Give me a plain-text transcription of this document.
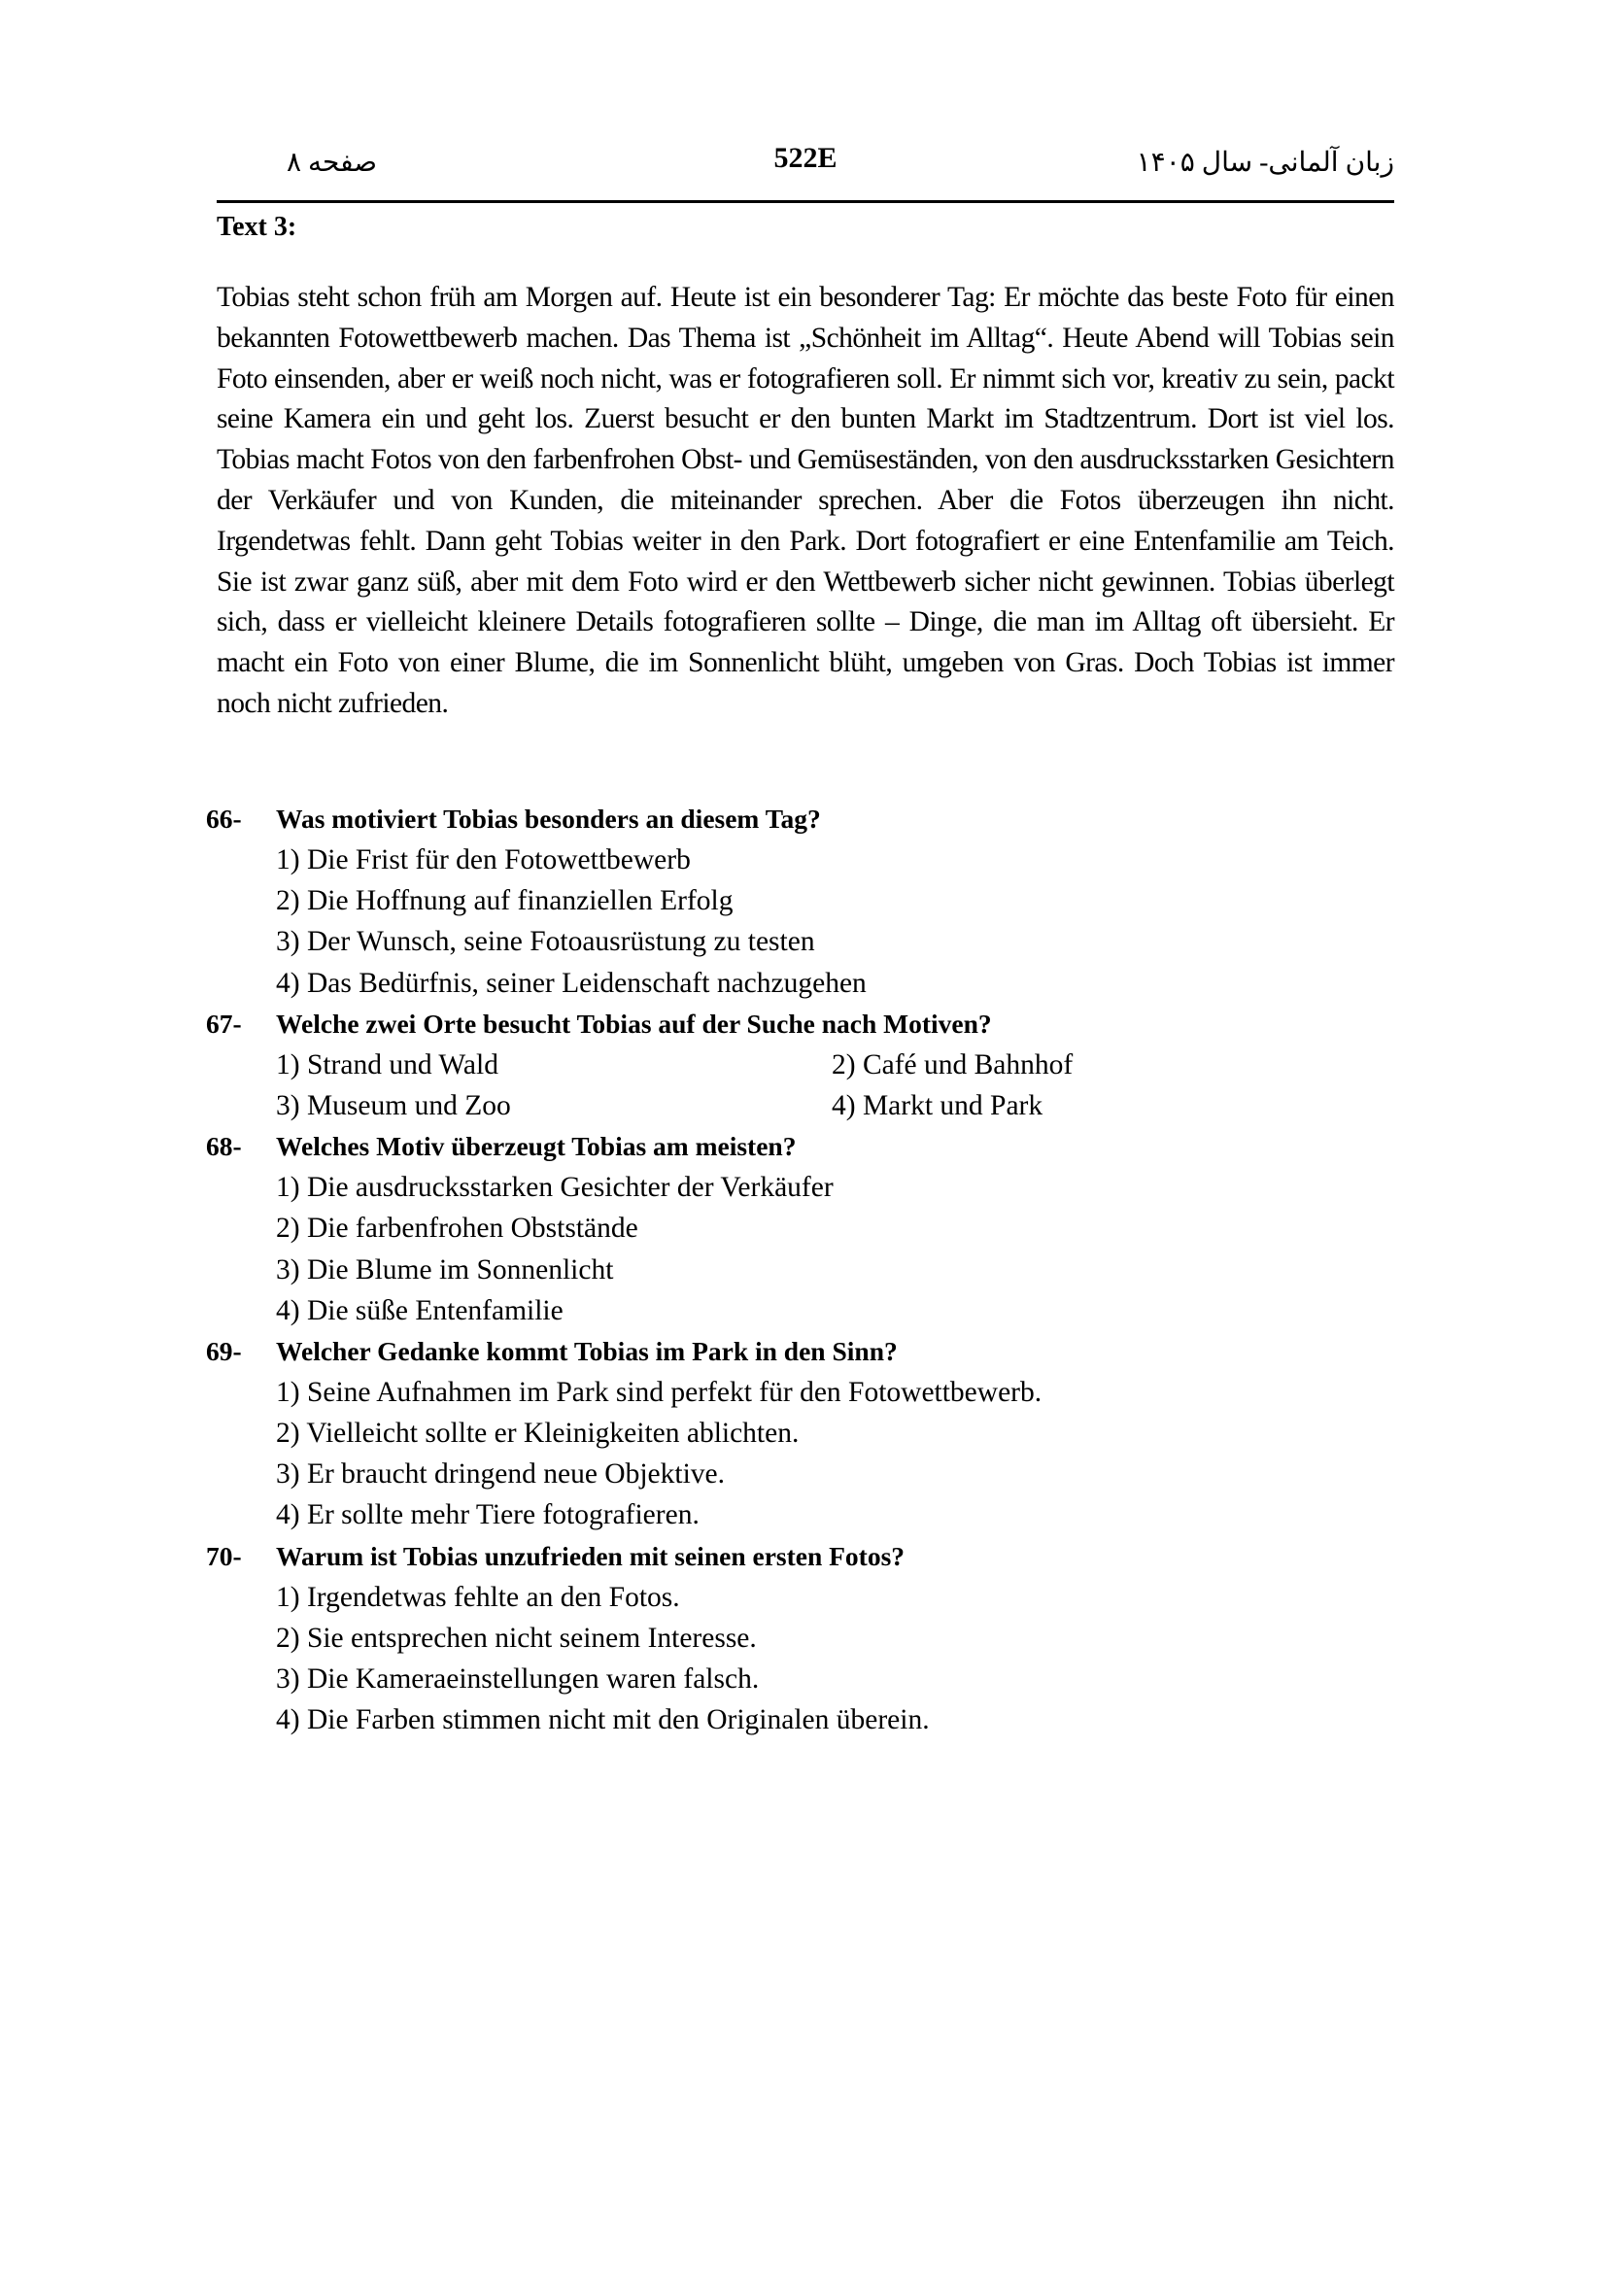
صفحه ۸	522E	زبان آلمانی- سال ۱۴۰۵
Text 3:
Tobias steht schon früh am Morgen auf. Heute ist ein besonderer Tag: Er möchte das beste Foto für einen bekannten Fotowettbewerb machen. Das Thema ist „Schönheit im Alltag“. Heute Abend will Tobias sein Foto einsenden, aber er weiß noch nicht, was er fotografieren soll. Er nimmt sich vor, kreativ zu sein, packt seine Kamera ein und geht los. Zuerst besucht er den bunten Markt im Stadtzentrum. Dort ist viel los. Tobias macht Fotos von den farbenfrohen Obst- und Gemüseständen, von den ausdrucksstarken Gesichtern der Verkäufer und von Kunden, die miteinander sprechen. Aber die Fotos überzeugen ihn nicht. Irgendetwas fehlt. Dann geht Tobias weiter in den Park. Dort fotografiert er eine Entenfamilie am Teich. Sie ist zwar ganz süß, aber mit dem Foto wird er den Wettbewerb sicher nicht gewinnen. Tobias überlegt sich, dass er vielleicht kleinere Details fotografieren sollte – Dinge, die man im Alltag oft übersieht. Er macht ein Foto von einer Blume, die im Sonnenlicht blüht, umgeben von Gras. Doch Tobias ist immer noch nicht zufrieden.
66-	Was motiviert Tobias besonders an diesem Tag?
1) Die Frist für den Fotowettbewerb
2) Die Hoffnung auf finanziellen Erfolg
3) Der Wunsch, seine Fotoausrüstung zu testen
4) Das Bedürfnis, seiner Leidenschaft nachzugehen
67-	Welche zwei Orte besucht Tobias auf der Suche nach Motiven?
1) Strand und Wald	2) Café und Bahnhof
3) Museum und Zoo	4) Markt und Park
68-	Welches Motiv überzeugt Tobias am meisten?
1) Die ausdrucksstarken Gesichter der Verkäufer
2) Die farbenfrohen Obststände
3) Die Blume im Sonnenlicht
4) Die süße Entenfamilie
69-	Welcher Gedanke kommt Tobias im Park in den Sinn?
1) Seine Aufnahmen im Park sind perfekt für den Fotowettbewerb.
2) Vielleicht sollte er Kleinigkeiten ablichten.
3) Er braucht dringend neue Objektive.
4) Er sollte mehr Tiere fotografieren.
70-	Warum ist Tobias unzufrieden mit seinen ersten Fotos?
1) Irgendetwas fehlte an den Fotos.
2) Sie entsprechen nicht seinem Interesse.
3) Die Kameraeinstellungen waren falsch.
4) Die Farben stimmen nicht mit den Originalen überein.
